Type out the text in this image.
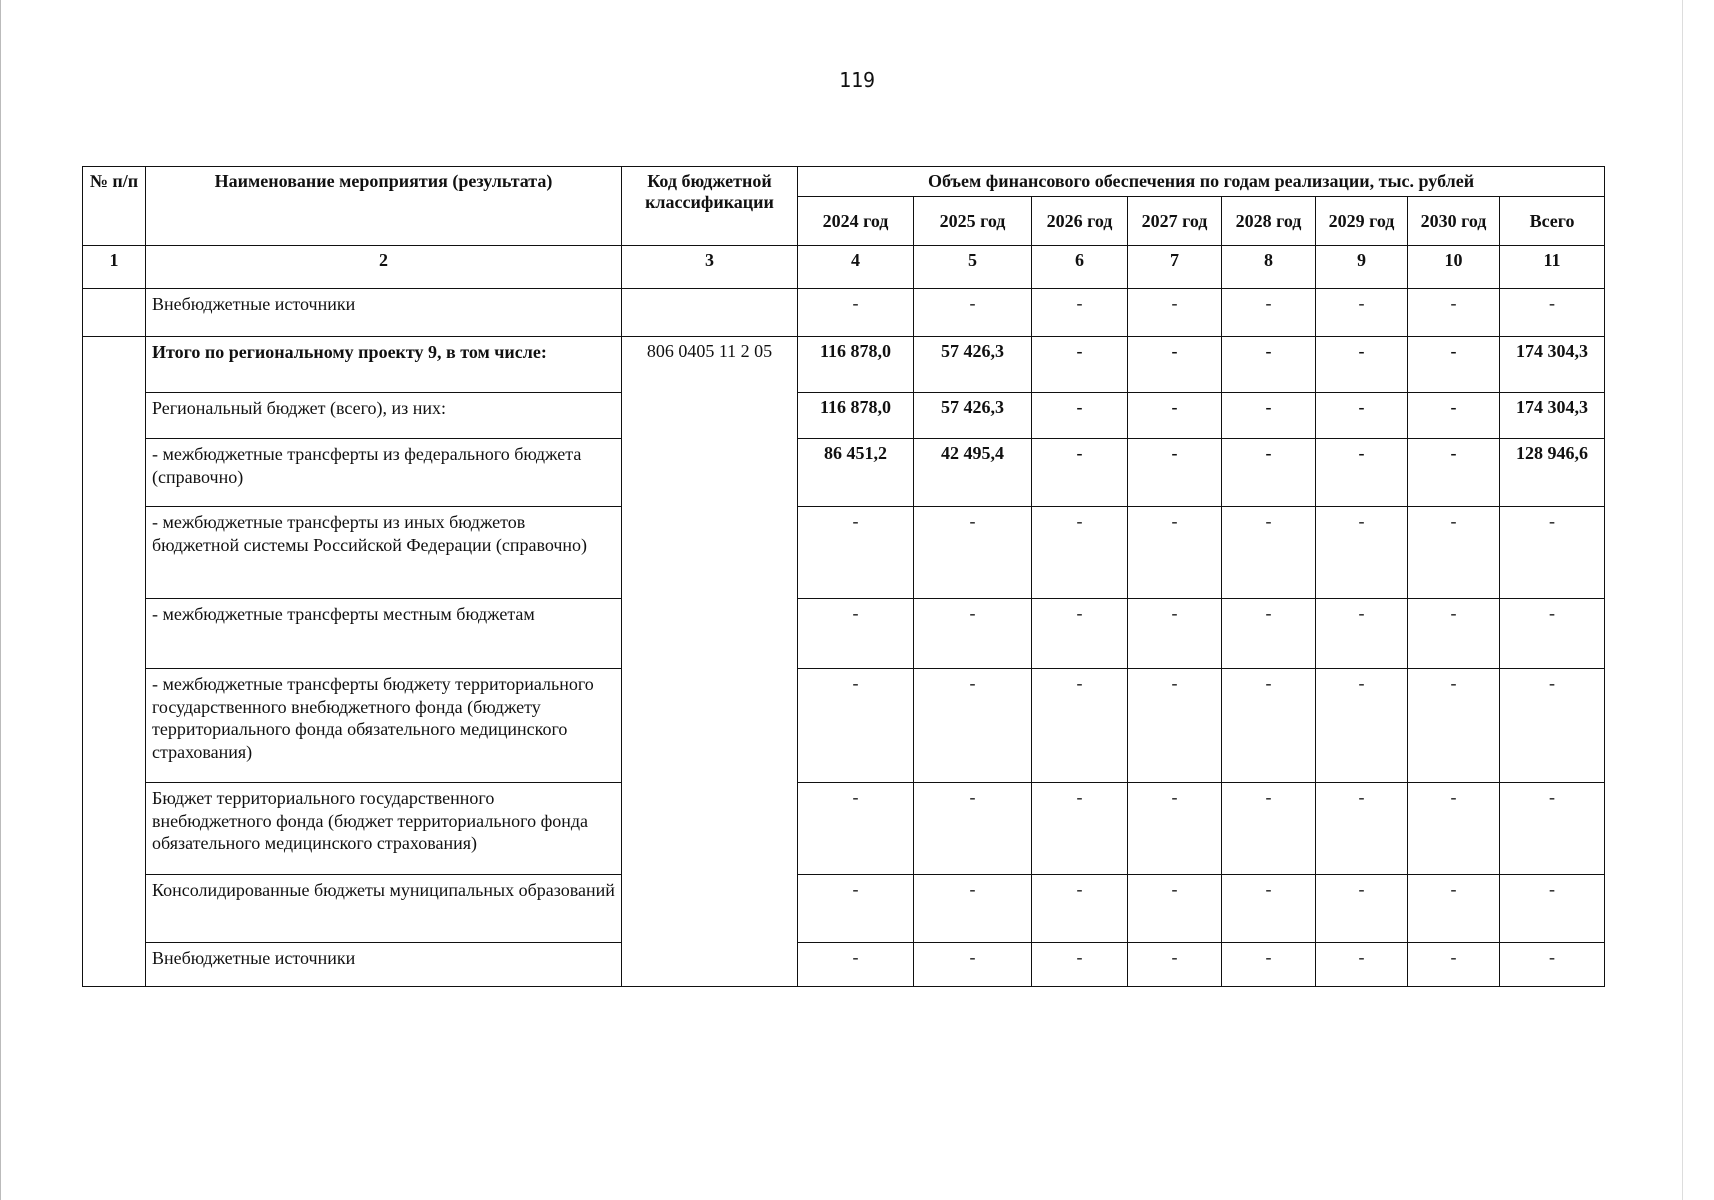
119
№ п/п	Наименование мероприятия (результата)	Код бюджетной классификации	Объем финансового обеспечения по годам реализации, тыс. рублей							
			2024 год	2025 год	2026 год	2027 год	2028 год	2029 год	2030 год	Всего
1	2	3	4	5	6	7	8	9	10	11
	Внебюджетные источники		-	-	-	-	-	-	-	-
	Итого по региональному проекту 9, в том числе:	806 0405 11 2 05	116 878,0	57 426,3	-	-	-	-	-	174 304,3
	Региональный бюджет (всего), из них:		116 878,0	57 426,3	-	-	-	-	-	174 304,3
	- межбюджетные трансферты из федерального бюджета (справочно)		86 451,2	42 495,4	-	-	-	-	-	128 946,6
	- межбюджетные трансферты из иных бюджетов бюджетной системы Российской Федерации (справочно)		-	-	-	-	-	-	-	-
	- межбюджетные трансферты местным бюджетам		-	-	-	-	-	-	-	-
	- межбюджетные трансферты бюджету территориального государственного внебюджетного фонда (бюджету территориального фонда обязательного медицинского страхования)		-	-	-	-	-	-	-	-
	Бюджет территориального государственного внебюджетного фонда (бюджет территориального фонда обязательного медицинского страхования)		-	-	-	-	-	-	-	-
	Консолидированные бюджеты муниципальных образований		-	-	-	-	-	-	-	-
	Внебюджетные источники		-	-	-	-	-	-	-	-
